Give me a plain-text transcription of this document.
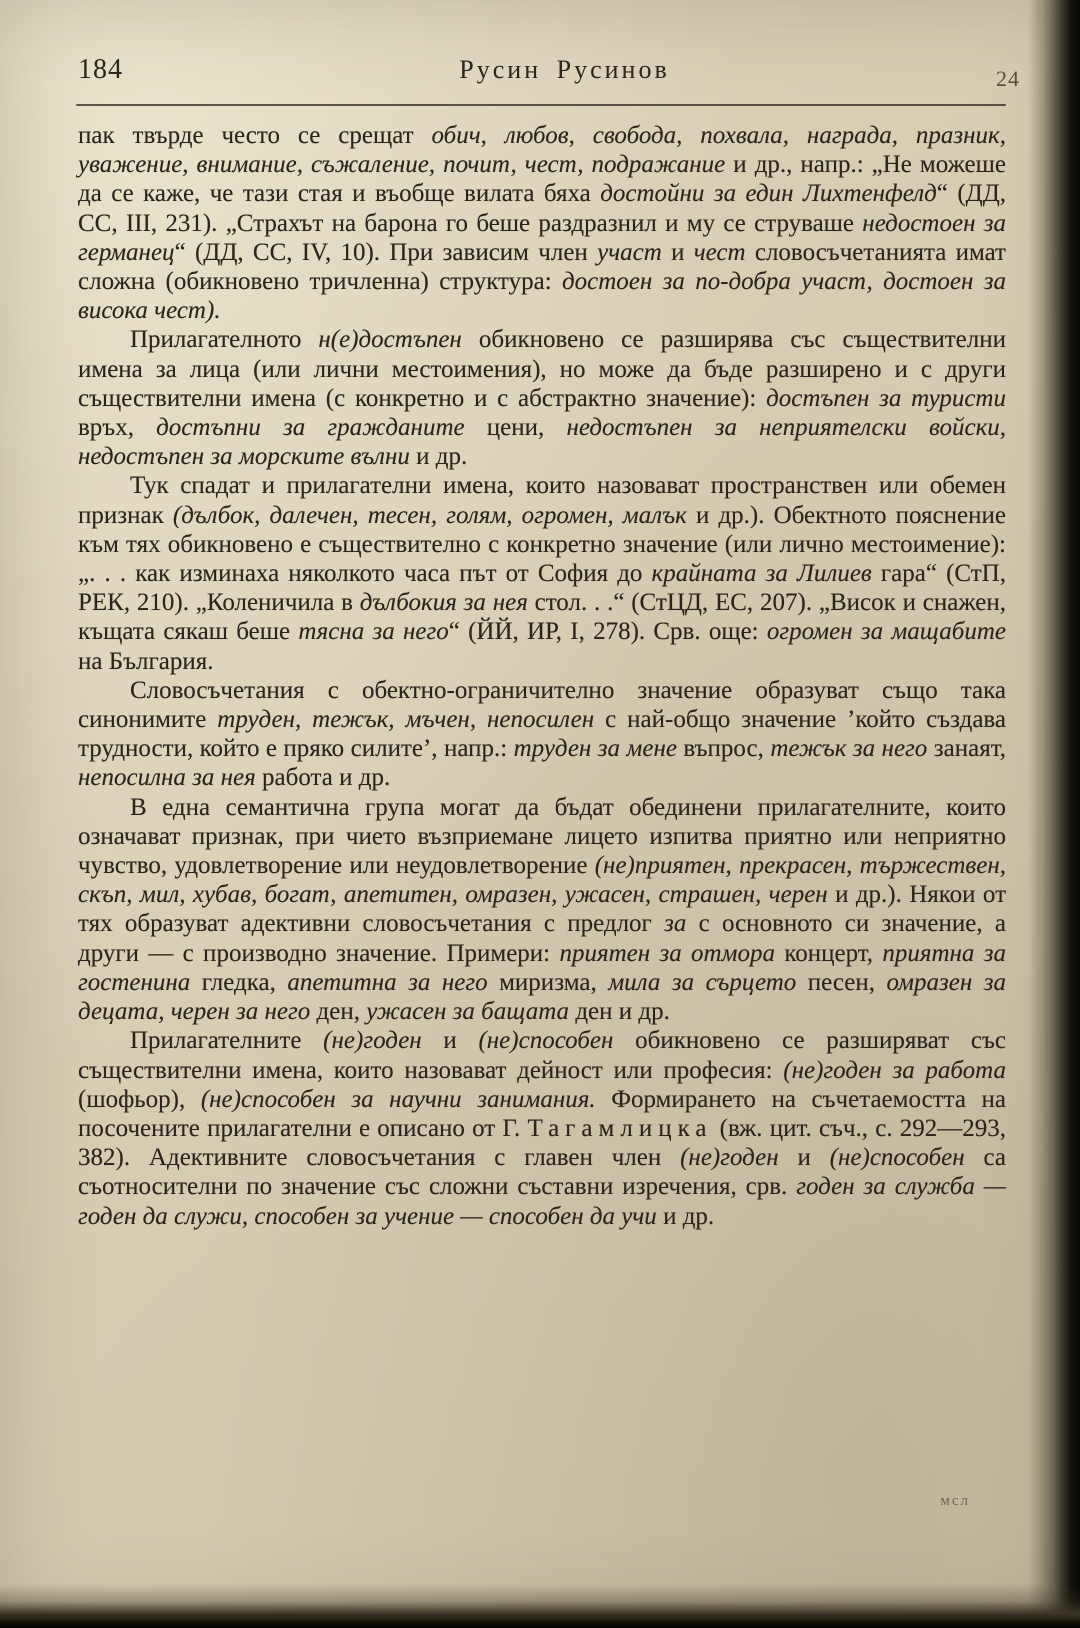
184	Русин Русинов	24

пак твърде често се срещат обич, любов, свобода, похвала, награда, празник, уважение, внимание, съжаление, почит, чест, подражание и др., напр.: „Не можеше да се каже, че тази стая и въобще вилата бяха достойни за един Лихтенфелд“ (ДД, СС, III, 231). „Страхът на барона го беше раздразнил и му се струваше недостоен за германец“ (ДД, СС, IV, 10). При зависим член участ и чест словосъчетанията имат сложна (обикновено тричленна) структура: достоен за по-добра участ, достоен за висока чест).

Прилагателното н(е)достъпен обикновено се разширява със съществителни имена за лица (или лични местоимения), но може да бъде разширено и с други съществителни имена (с конкретно и с абстрактно значение): достъпен за туристи връх, достъпни за гражданите цени, недостъпен за неприятелски войски, недостъпен за морските вълни и др.

Тук спадат и прилагателни имена, които назовават пространствен или обемен признак (дълбок, далечен, тесен, голям, огромен, малък и др.). Обектното пояснение към тях обикновено е съществително с конкретно значение (или лично местоимение): „. . . как изминаха няколкото часа път от София до крайната за Лилиев гара“ (СтП, РЕК, 210). „Коленичила в дълбокия за нея стол. . .“ (СтЦД, ЕС, 207). „Висок и снажен, къщата сякаш беше тясна за него“ (ЙЙ, ИР, I, 278). Срв. още: огромен за мащабите на България.

Словосъчетания с обектно-ограничително значение образуват също така синонимите труден, тежък, мъчен, непосилен с най-общо значение ’който създава трудности, който е пряко силите’, напр.: труден за мене въпрос, тежък за него занаят, непосилна за нея работа и др.

В една семантична група могат да бъдат обединени прилагателните, които означават признак, при чието възприемане лицето изпитва приятно или неприятно чувство, удовлетворение или неудовлетворение (не)приятен, прекрасен, тържествен, скъп, мил, хубав, богат, апетитен, омразен, ужасен, страшен, черен и др.). Някои от тях образуват адективни словосъчетания с предлог за с основното си значение, а други — с производно значение. Примери: приятен за отмора концерт, приятна за гостенина гледка, апетитна за него миризма, мила за сърцето песен, омразен за децата, черен за него ден, ужасен за бащата ден и др.

Прилагателните (не)годен и (не)способен обикновено се разширяват със съществителни имена, които назовават дейност или професия: (не)годен за работа (шофьор), (не)способен за научни занимания. Формирането на съчетаемостта на посочените прилагателни е описано от Г. Тагамлицка (вж. цит. съч., с. 292—293, 382). Адективните словосъчетания с главен член (не)годен и (не)способен са съотносителни по значение със сложни съставни изречения, срв. годен за служба — годен да служи, способен за учение — способен да учи и др.

мсл
